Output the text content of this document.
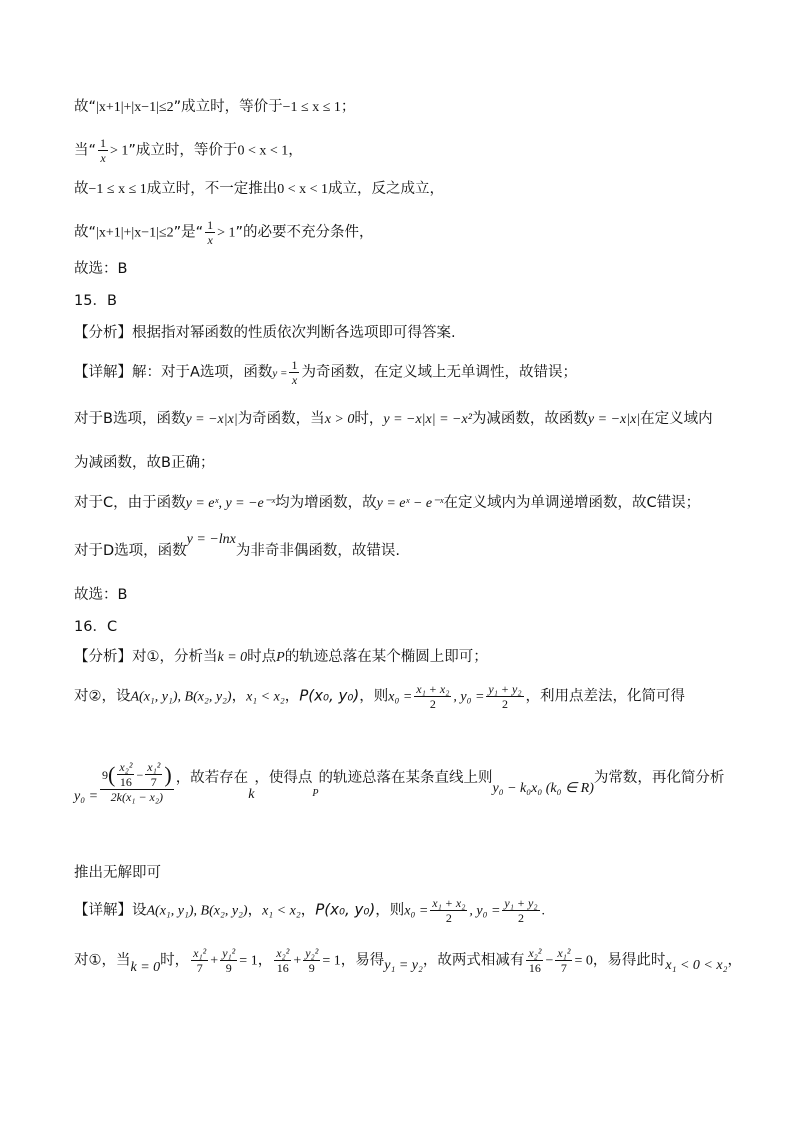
故“|x+1|+|x−1|≤2”成立时，等价于−1 ≤ x ≤ 1；
当“ $\frac{1}{x} > 1$”成立时，等价于0 < x < 1，
故−1 ≤ x ≤ 1成立时，不一定推出0 < x < 1成立，反之成立，
故“|x+1|+|x−1|≤2”是“ $\frac{1}{x} > 1$”的必要不充分条件，
故选：B
15．B
【分析】根据指对幂函数的性质依次判断各选项即可得答案.
【详解】解：对于A选项，函数$y = \frac{1}{x}$ 为奇函数，在定义域上无单调性，故错误；
对于B选项，函数y = −x|x|为奇函数，当x > 0时，y = −x|x| = −x²为减函数，故函数y = −x|x|在定义域内
为减函数，故B正确；
对于C，由于函数y = eˣ, y = −e⁻ˣ均为增函数，故y = eˣ − e⁻ˣ在定义域内为单调递增函数，故C错误；
对于D选项，函数y = −lnx为非奇非偶函数，故错误.
故选：B
16．C
【分析】对①，分析当k = 0时点P的轨迹总落在某个椭圆上即可；
对②，设A(x₁, y₁), B(x₂, y₂)，x₁ < x₂，P(x₀, y₀)，则$x_0 = \frac{\text{x₁ + x₂}}{2}$ , $y_0 = \frac{\text{y₁ + y₂}}{2}$ ，利用点差法，化简可得
$y_0 = \frac{9 ( \frac{\text{x₂²}}{16} - \frac{\text{x₁²}}{7} )}{\text{2k(x₁ − x₂)}}$ ，故若存在k，使得点$_P$的轨迹总落在某条直线上则y₀ − k₀x₀ (k₀ ∈ R)为常数，再化简分析
推出无解即可
【详解】设A(x₁, y₁), B(x₂, y₂)，x₁ < x₂，P(x₀, y₀)，则$x_0 = \frac{\text{x₁ + x₂}}{2}$ , $y_0 = \frac{\text{y₁ + y₂}}{2}$ .
对①，当k = 0时， $\frac{\text{x₁²}}{7} + \frac{\text{y₁²}}{9} = 1$， $\frac{\text{x₂²}}{16} + \frac{\text{y₂²}}{9} = 1$，易得y₁ = y₂，故两式相减有 $\frac{\text{x₂²}}{16} - \frac{\text{x₁²}}{7} = 0$，易得此时x₁ < 0 < x₂，
